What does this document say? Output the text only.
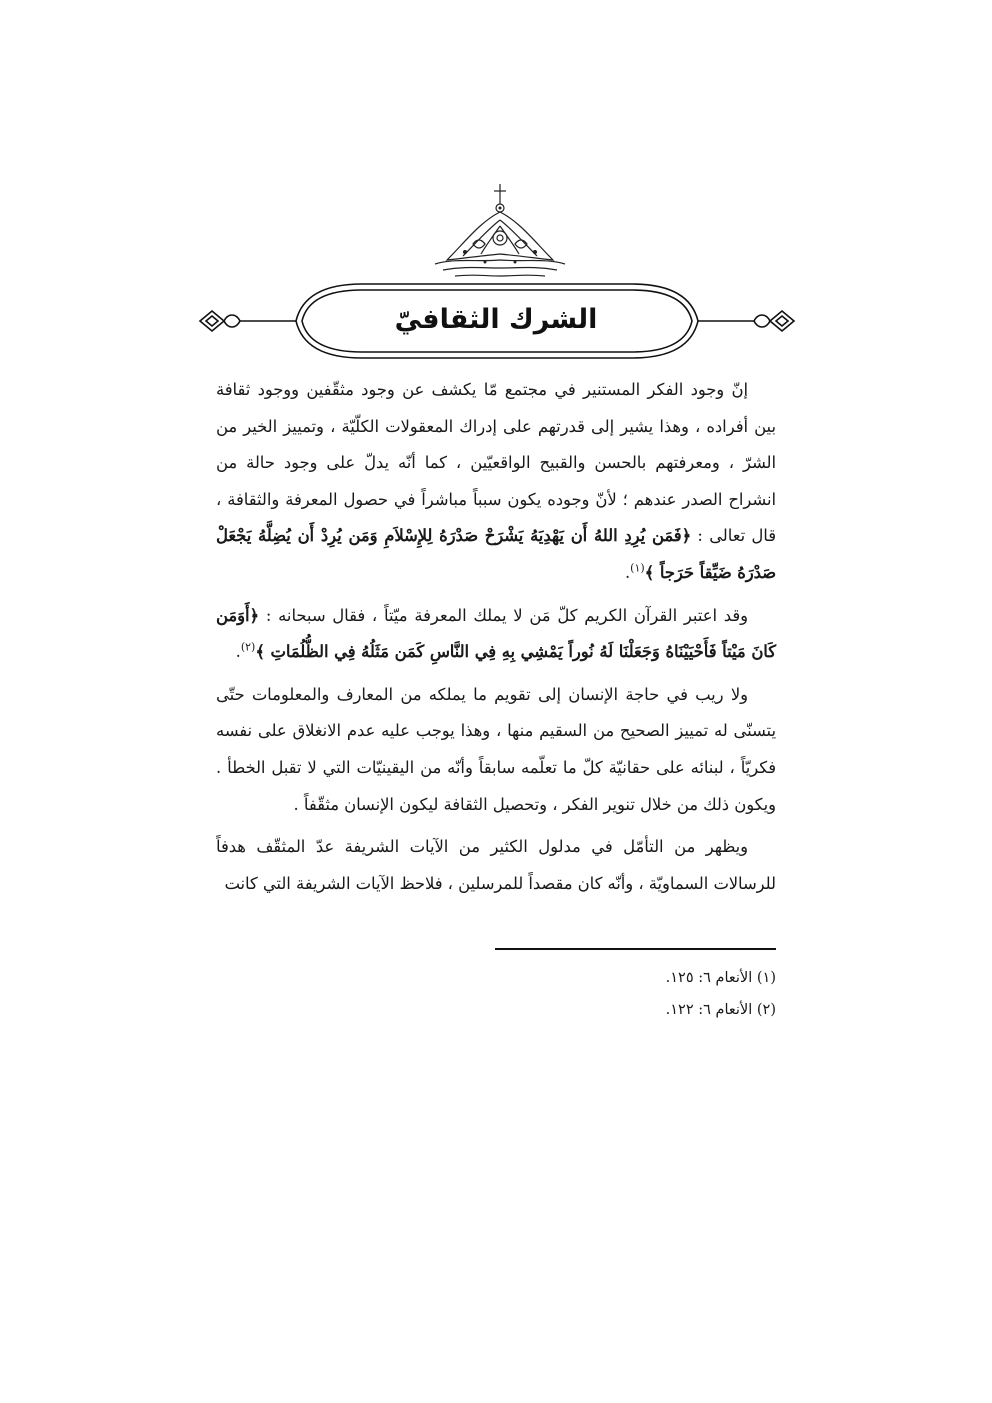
الشرك الثقافيّ

إنّ وجود الفكر المستنير في مجتمع مّا يكشف عن وجود مثقّفين ووجود ثقافة بين أفراده ، وهذا يشير إلى قدرتهم على إدراك المعقولات الكلّيّة ، وتمييز الخير من الشرّ ، ومعرفتهم بالحسن والقبيح الواقعيّين ، كما أنّه يدلّ على وجود حالة من انشراح الصدر عندهم ؛ لأنّ وجوده يكون سبباً مباشراً في حصول المعرفة والثقافة ، قال تعالى : ﴿فَمَن يُرِدِ اللهُ أَن يَهْدِيَهُ يَشْرَحْ صَدْرَهُ لِلإِسْلاَمِ وَمَن يُرِدْ أَن يُضِلَّهُ يَجْعَلْ صَدْرَهُ ضَيِّقاً حَرَجاً ﴾$^{(١)}$.

وقد اعتبر القرآن الكريم كلّ مَن لا يملك المعرفة ميّتاً ، فقال سبحانه : ﴿أَوَمَن كَانَ مَيْتاً فَأَحْيَيْنَاهُ وَجَعَلْنَا لَهُ نُوراً يَمْشِي بِهِ فِي النَّاسِ كَمَن مَثَلُهُ فِي الظُّلُمَاتِ ﴾$^{(٢)}$.

ولا ريب في حاجة الإنسان إلى تقويم ما يملكه من المعارف والمعلومات حتّى يتسنّى له تمييز الصحيح من السقيم منها ، وهذا يوجب عليه عدم الانغلاق على نفسه فكريّاً ، لبنائه على حقانيّة كلّ ما تعلّمه سابقاً وأنّه من اليقينيّات التي لا تقبل الخطأ . ويكون ذلك من خلال تنوير الفكر ، وتحصيل الثقافة ليكون الإنسان مثقّفاً .

ويظهر من التأمّل في مدلول الكثير من الآيات الشريفة عدّ المثقّف هدفاً للرسالات السماويّة ، وأنّه كان مقصداً للمرسلين ، فلاحظ الآيات الشريفة التي كانت

(١) الأنعام ٦: ١٢٥.

(٢) الأنعام ٦: ١٢٢.
